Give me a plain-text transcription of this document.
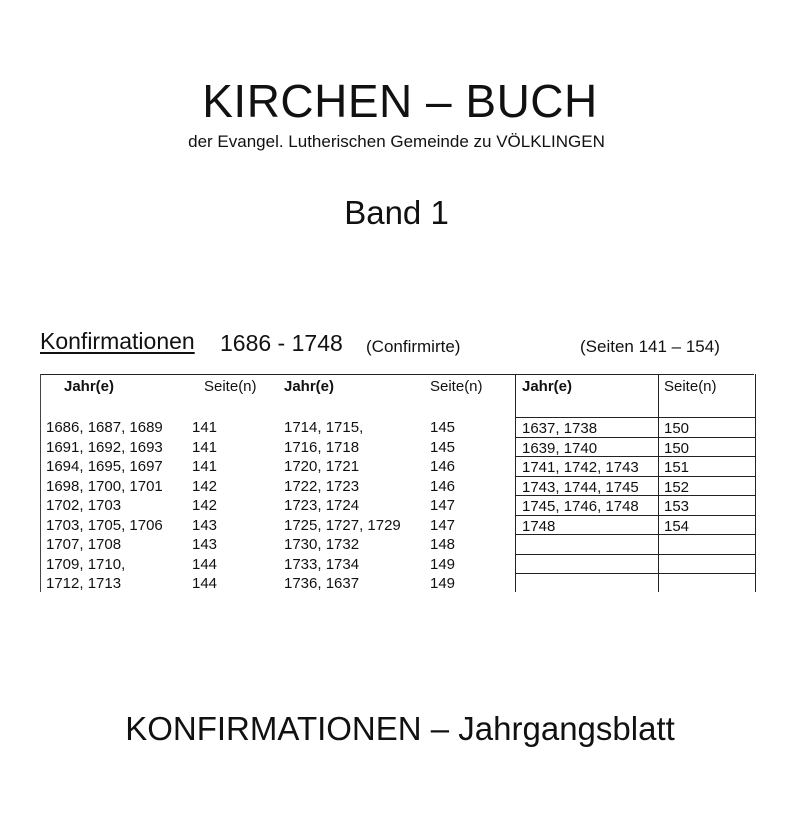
KIRCHEN – BUCH
der Evangel. Lutherischen Gemeinde zu VÖLKLINGEN
Band 1
Konfirmationen 1686 - 1748 (Confirmirte)	(Seiten 141 – 154)
Jahr(e)	Seite(n)
1686, 1687, 1689 141
1691, 1692, 1693 141
1694, 1695, 1697 141
1698, 1700, 1701 142
1702, 1703	142
1703, 1705, 1706 143
1707, 1708	143
1709, 1710,	144
1712, 1713	144
Jahr(e)	Seite(n)
1714, 1715,	145
1716, 1718	145
1720, 1721	146
1722, 1723	146
1723, 1724	147
1725, 1727, 1729 147
1730, 1732	148
1733, 1734	149
1736, 1637	149
Jahr(e)	Seite(n)
1637, 1738	150
1639, 1740	150
1741, 1742, 1743 151
1743, 1744, 1745 152
1745, 1746, 1748 153
1748	154
KONFIRMATIONEN – Jahrgangsblatt
